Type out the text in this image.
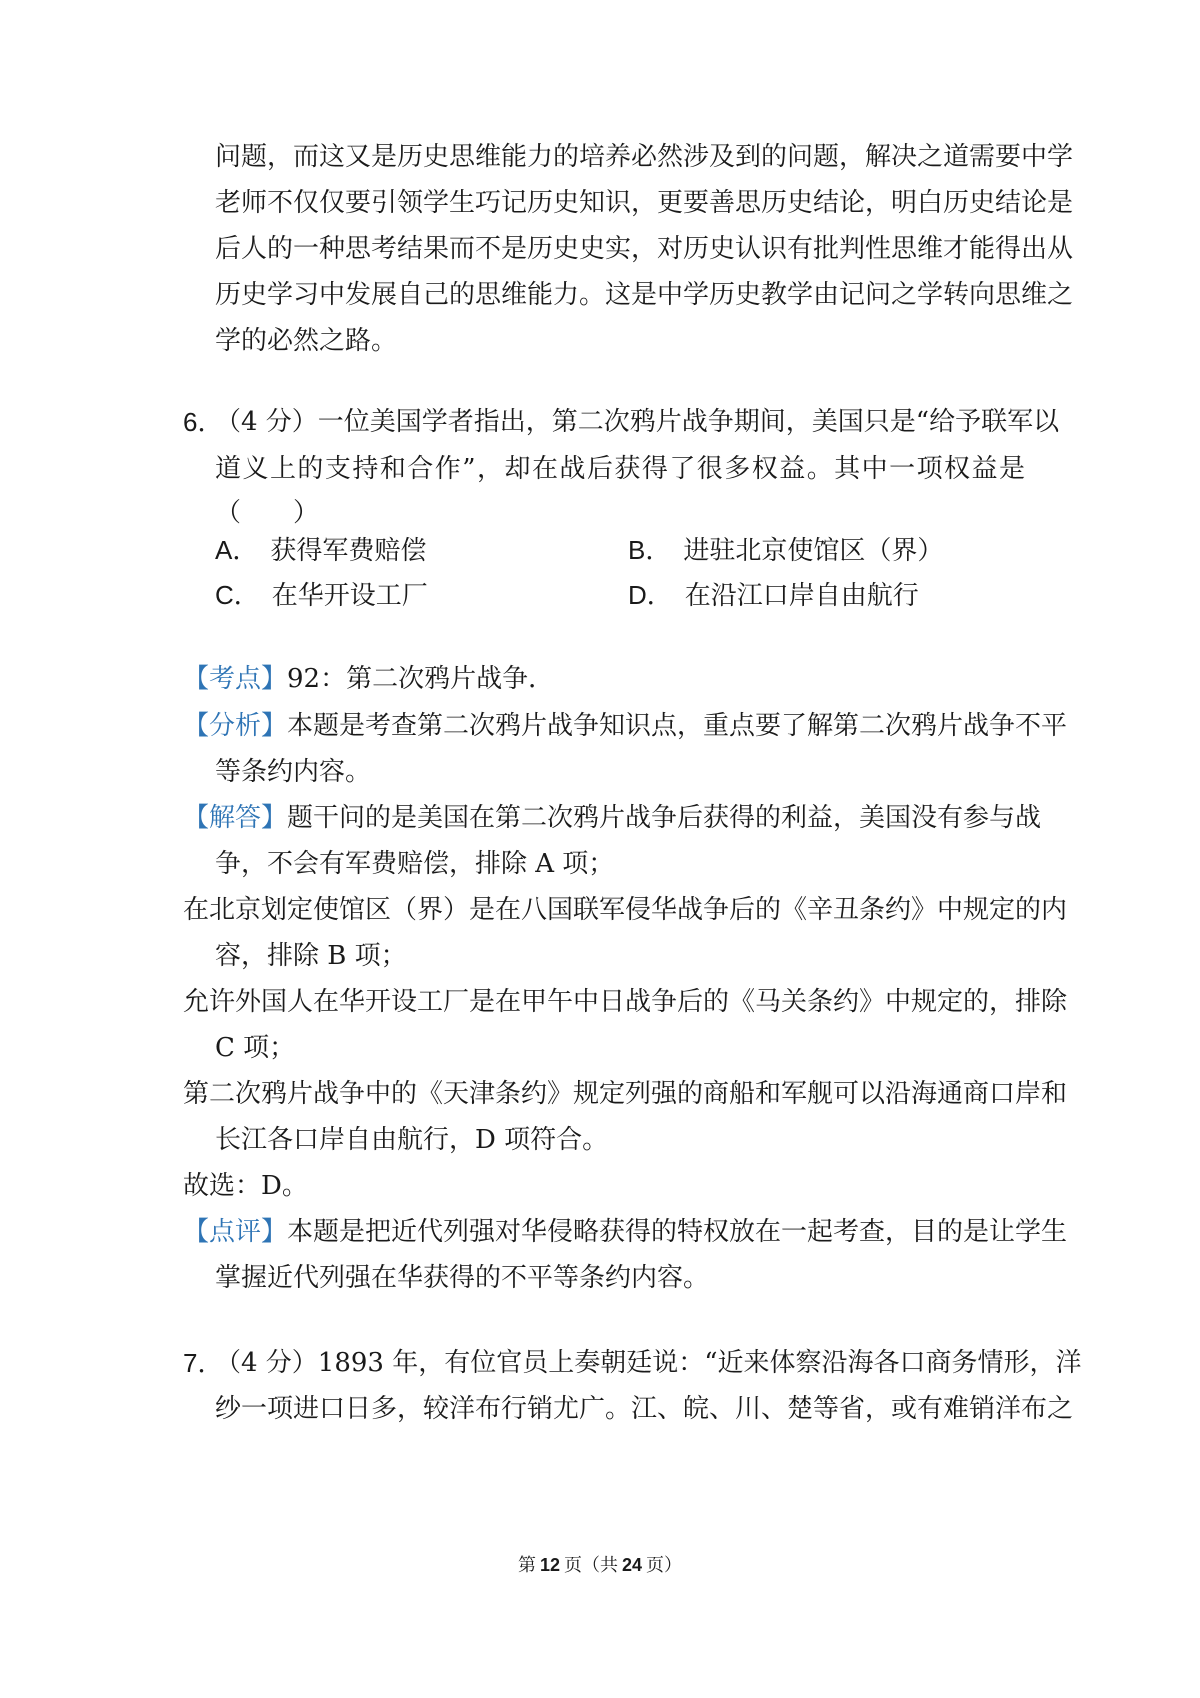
问题，而这又是历史思维能力的培养必然涉及到的问题，解决之道需要中学
老师不仅仅要引领学生巧记历史知识，更要善思历史结论，明白历史结论是
后人的一种思考结果而不是历史史实，对历史认识有批判性思维才能得出从
历史学习中发展自己的思维能力。这是中学历史教学由记问之学转向思维之
学的必然之路。
6．
（4 分）一位美国学者指出，第二次鸦片战争期间，美国只是“给予联军以
道义上的支持和合作”，却在战后获得了很多权益。其中一项权益是
（　　）
A． 获得军费赔偿	B． 进驻北京使馆区（界）
C． 在华开设工厂	D． 在沿江口岸自由航行
【考点】92：第二次鸦片战争．
【分析】本题是考查第二次鸦片战争知识点，重点要了解第二次鸦片战争不平
等条约内容。
【解答】题干问的是美国在第二次鸦片战争后获得的利益，美国没有参与战
争，不会有军费赔偿，排除 A 项；
在北京划定使馆区（界）是在八国联军侵华战争后的《辛丑条约》中规定的内
容，排除 B 项；
允许外国人在华开设工厂是在甲午中日战争后的《马关条约》中规定的，排除
C 项；
第二次鸦片战争中的《天津条约》规定列强的商船和军舰可以沿海通商口岸和
长江各口岸自由航行，D 项符合。
故选：D。
【点评】本题是把近代列强对华侵略获得的特权放在一起考查，目的是让学生
掌握近代列强在华获得的不平等条约内容。
7．
（4 分）1893 年，有位官员上奏朝廷说：“近来体察沿海各口商务情形，洋
纱一项进口日多，较洋布行销尤广。江、皖、川、楚等省，或有难销洋布之
第 12 页（共 24 页）
